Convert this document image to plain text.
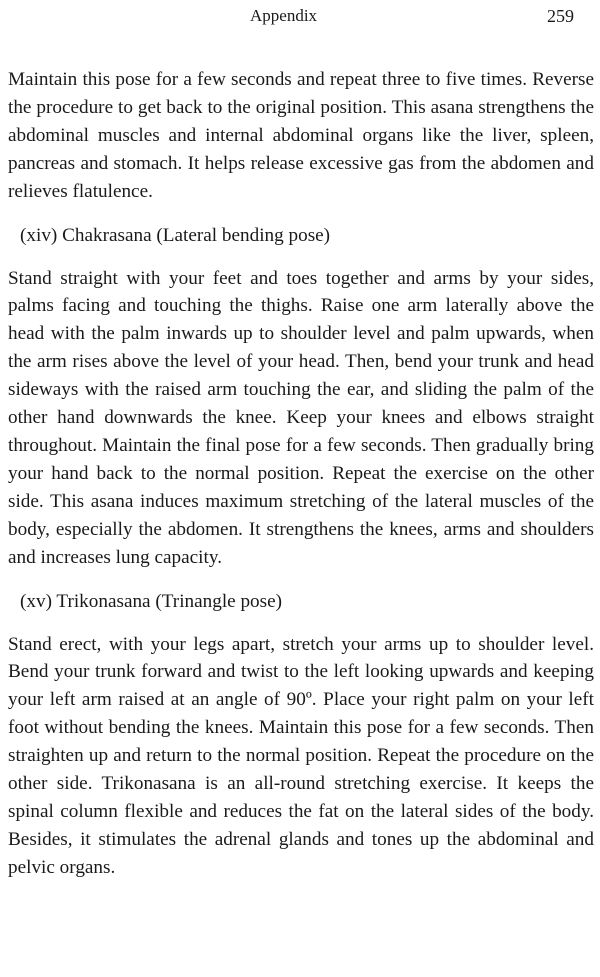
Appendix	259

Maintain this pose for a few seconds and repeat three to five times. Reverse the procedure to get back to the original position. This asana strengthens the abdominal muscles and internal abdominal organs like the liver, spleen, pancreas and stomach. It helps release excessive gas from the abdomen and relieves flatulence.

(xiv) Chakrasana (Lateral bending pose)

Stand straight with your feet and toes together and arms by your sides, palms facing and touching the thighs. Raise one arm laterally above the head with the palm inwards up to shoulder level and palm upwards, when the arm rises above the level of your head. Then, bend your trunk and head sideways with the raised arm touching the ear, and sliding the palm of the other hand downwards the knee. Keep your knees and elbows straight throughout. Maintain the final pose for a few seconds. Then gradually bring your hand back to the normal position. Repeat the exercise on the other side. This asana induces maximum stretching of the lateral muscles of the body, especially the abdomen. It strengthens the knees, arms and shoulders and increases lung capacity.

(xv) Trikonasana (Trinangle pose)

Stand erect, with your legs apart, stretch your arms up to shoulder level. Bend your trunk forward and twist to the left looking upwards and keeping your left arm raised at an angle of 90º. Place your right palm on your left foot without bending the knees. Maintain this pose for a few seconds. Then straighten up and return to the normal position. Repeat the procedure on the other side. Trikonasana is an all-round stretching exercise. It keeps the spinal column flexible and reduces the fat on the lateral sides of the body. Besides, it stimulates the adrenal glands and tones up the abdominal and pelvic organs.
